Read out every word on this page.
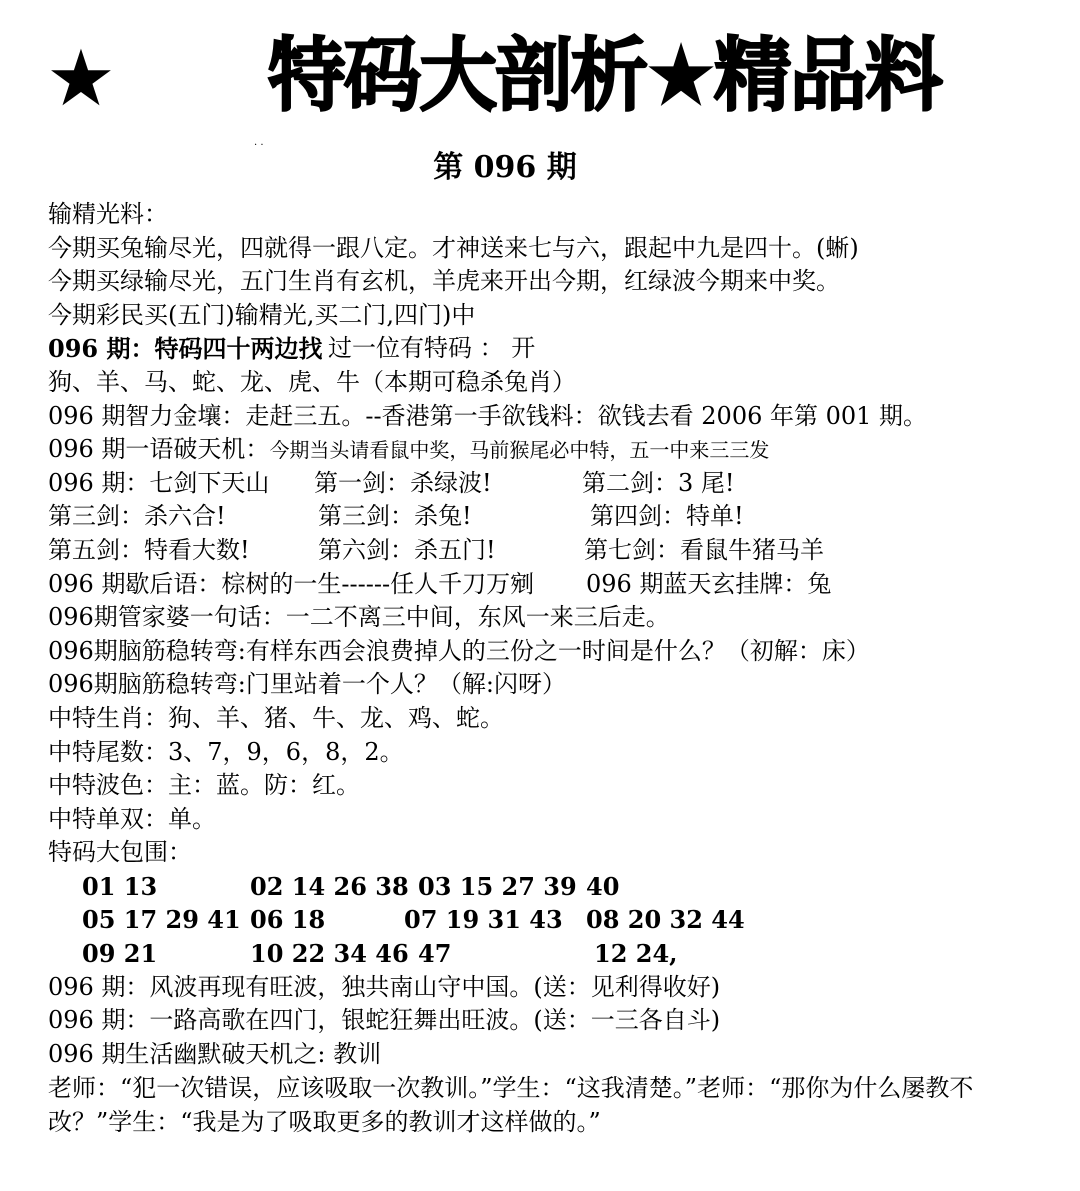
★ 特码大剖析★精品料
. .
第 096 期
输精光料：
今期买兔输尽光，四就得一跟八定。才神送来七与六，跟起中九是四十。(蜥)
今期买绿输尽光，五门生肖有玄机，羊虎来开出今期，红绿波今期来中奖。
今期彩民买(五门)输精光,买二门,四门)中
096 期：特码四十两边找 过一位有特码 ： 开
狗、羊、马、蛇、龙、虎、牛（本期可稳杀兔肖）
096 期智力金壤：走赶三五。--香港第一手欲钱料：欲钱去看 2006 年第 001 期。
096 期一语破天机：今期当头请看鼠中奖，马前猴尾必中特，五一中来三三发
096 期：七剑下天山 第一剑：杀绿波!	第二剑：3 尾!
第三剑：杀六合!	第三剑：杀兔!	第四剑：特单!
第五剑：特看大数!	第六剑：杀五门!	第七剑：看鼠牛猪马羊
096 期歇后语：棕树的一生------任人千刀万剜 096 期蓝天玄挂牌：兔
096期管家婆一句话：一二不离三中间，东风一来三后走。
096期脑筋稳转弯:有样东西会浪费掉人的三份之一时间是什么？（初解：床）
096期脑筋稳转弯:门里站着一个人？（解:闪呀）
中特生肖：狗、羊、猪、牛、龙、鸡、蛇。
中特尾数：3、7，9，6，8，2。
中特波色：主：蓝。防：红。
中特单双：单。
特码大包围：
01 13	02 14 26 38 03 15 27 39 40
05 17 29 41 06 18	07 19 31 43 08 20 32 44
09 21	10 22 34 46 47	12 24,
096 期：风波再现有旺波，独共南山守中国。(送：见利得收好)
096 期：一路高歌在四门，银蛇狂舞出旺波。(送：一三各自斗)
096 期生活幽默破天机之: 教训
老师：“犯一次错误，应该吸取一次教训。”学生：“这我清楚。”老师：“那你为什么屡教不改？”学生：“我是为了吸取更多的教训才这样做的。”
